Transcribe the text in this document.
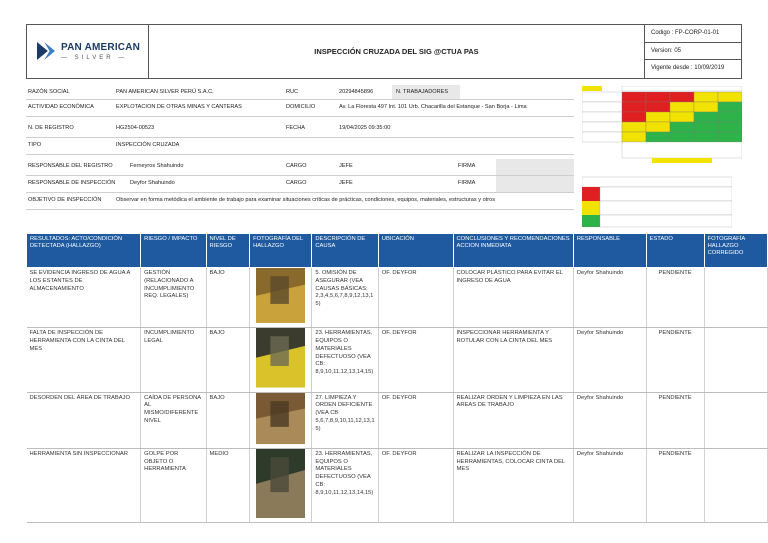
PAN AMERICAN
— SILVER —
INSPECCIÓN CRUZADA DEL SIG @CTUA PAS
Codigo : FP-CORP-01-01
Version: 05
Vigente desde : 10/09/2019
RAZÓN SOCIAL	PAN AMERICAN SILVER PERÚ S.A.C.	RUC	20294845896	N. TRABAJADORES
ACTIVIDAD ECONÓMICA	EXPLOTACION DE OTRAS MINAS Y CANTERAS	DOMICILIO	Av. La Floresta 497 Int. 101 Urb. Chacarilla del Estanque - San Borja - Lima
N. DE REGISTRO	HG2504-00523	FECHA	19/04/2025 09:35:00
TIPO	INSPECCIÓN CRUZADA
RESPONSABLE DEL REGISTRO	Ferneyros Shahuindo	CARGO	JEFE	FIRMA
RESPONSABLE DE INSPECCIÓN	Deyfor Shahuindo	CARGO	JEFE	FIRMA
OBJETIVO DE INSPECCIÓN	Observar en forma metódica el ambiente de trabajo para examinar situaciones críticas de prácticas, condiciones, equipos, materiales, estructuras y otros
RESULTADOS: ACTO/CONDICIÓN DETECTADA (HALLAZGO)	RIESGO / IMPACTO	NIVEL DE RIESGO	FOTOGRAFÍA DEL HALLAZGO	DESCRIPCIÓN DE CAUSA	UBICACIÓN	CONCLUSIONES Y RECOMENDACIONES ACCION INMEDIATA	RESPONSABLE	ESTADO	FOTOGRAFÍA HALLAZGO CORREGIDO
SE EVIDENCIA INGRESO DE AGUA A LOS ESTANTES DE ALMACENAMIENTO	GESTIÓN (RELACIONADO A INCUMPLIMIENTO REQ. LEGALES)	BAJO		5. OMISIÓN DE ASEGURAR (VEA CAUSAS BÁSICAS: 2,3,4,5,6,7,8,9,12,13,15)	OF. DEYFOR	COLOCAR PLÁSTICO PARA EVITAR EL INGRESO DE AGUA	Deyfor Shahuindo	PENDIENTE	
FALTA DE INSPECCIÓN DE HERRAMIENTA CON LA CINTA DEL MES	INCUMPLIMIENTO LEGAL	BAJO		23. HERRAMIENTAS, EQUIPOS O MATERIALES DEFECTUOSO (VEA CB: 8,9,10,11,12,13,14,15)	OF. DEYFOR	INSPECCIONAR HERRAMIENTA Y ROTULAR CON LA CINTA DEL MES	Deyfor Shahuindo	PENDIENTE	
DESORDEN DEL ÁREA DE TRABAJO	CAÍDA DE PERSONA AL MISMO/DIFERENTE NIVEL	BAJO		27. LIMPIEZA Y ORDEN DEFICIENTE (VEA CB 5,6,7,8,9,10,11,12,13,15)	OF. DEYFOR	REALIZAR ORDEN Y LIMPIEZA EN LAS AREAS DE TRABAJO	Deyfor Shahuindo	PENDIENTE	
HERRAMIENTA SIN INSPECCIONAR	GOLPE POR OBJETO O HERRAMIENTA	MEDIO		23. HERRAMIENTAS, EQUIPOS O MATERIALES DEFECTUOSO (VEA CB: 8,9,10,11,12,13,14,15)	OF. DEYFOR	REALIZAR LA INSPECCIÓN DE HERRAMIENTAS, COLOCAR CINTA DEL MES	Deyfor Shahuindo	PENDIENTE	
